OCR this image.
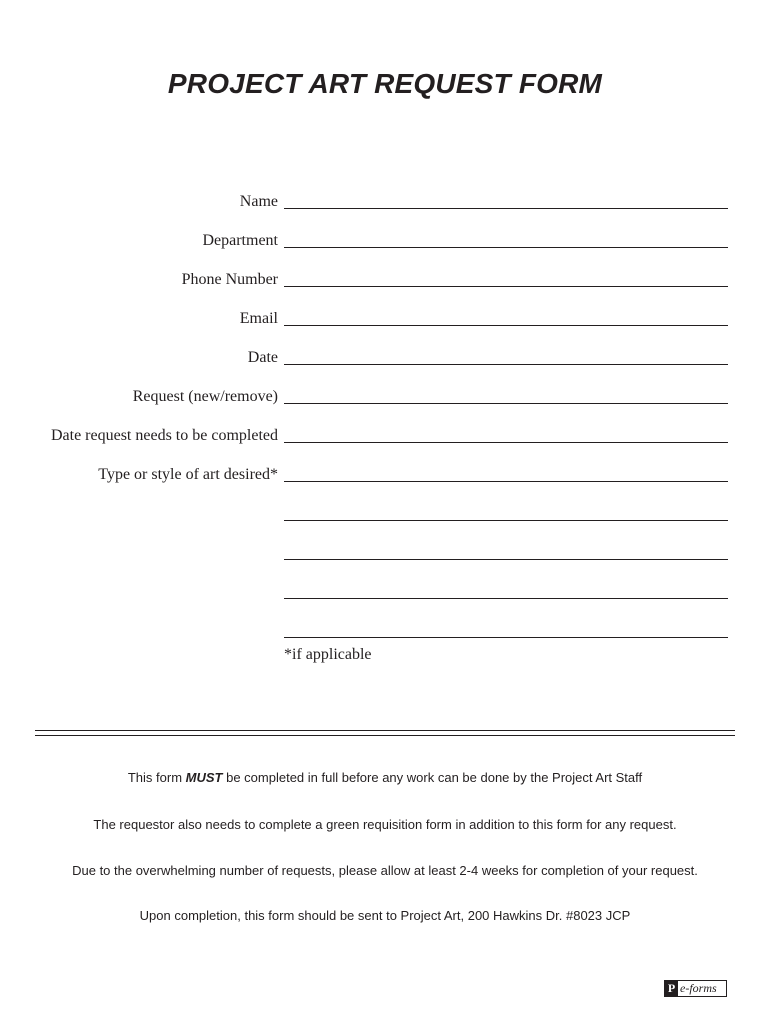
PROJECT ART REQUEST FORM
Name
Department
Phone Number
Email
Date
Request (new/remove)
Date request needs to be completed
Type or style of art desired*
*if applicable
This form MUST be completed in full before any work can be done by the Project Art Staff
The requestor also needs to complete a green requisition form in addition to this form for any request.
Due to the overwhelming number of requests, please allow at least 2-4 weeks for completion of your request.
Upon completion, this form should be sent to Project Art, 200 Hawkins Dr. #8023 JCP
P e-forms
